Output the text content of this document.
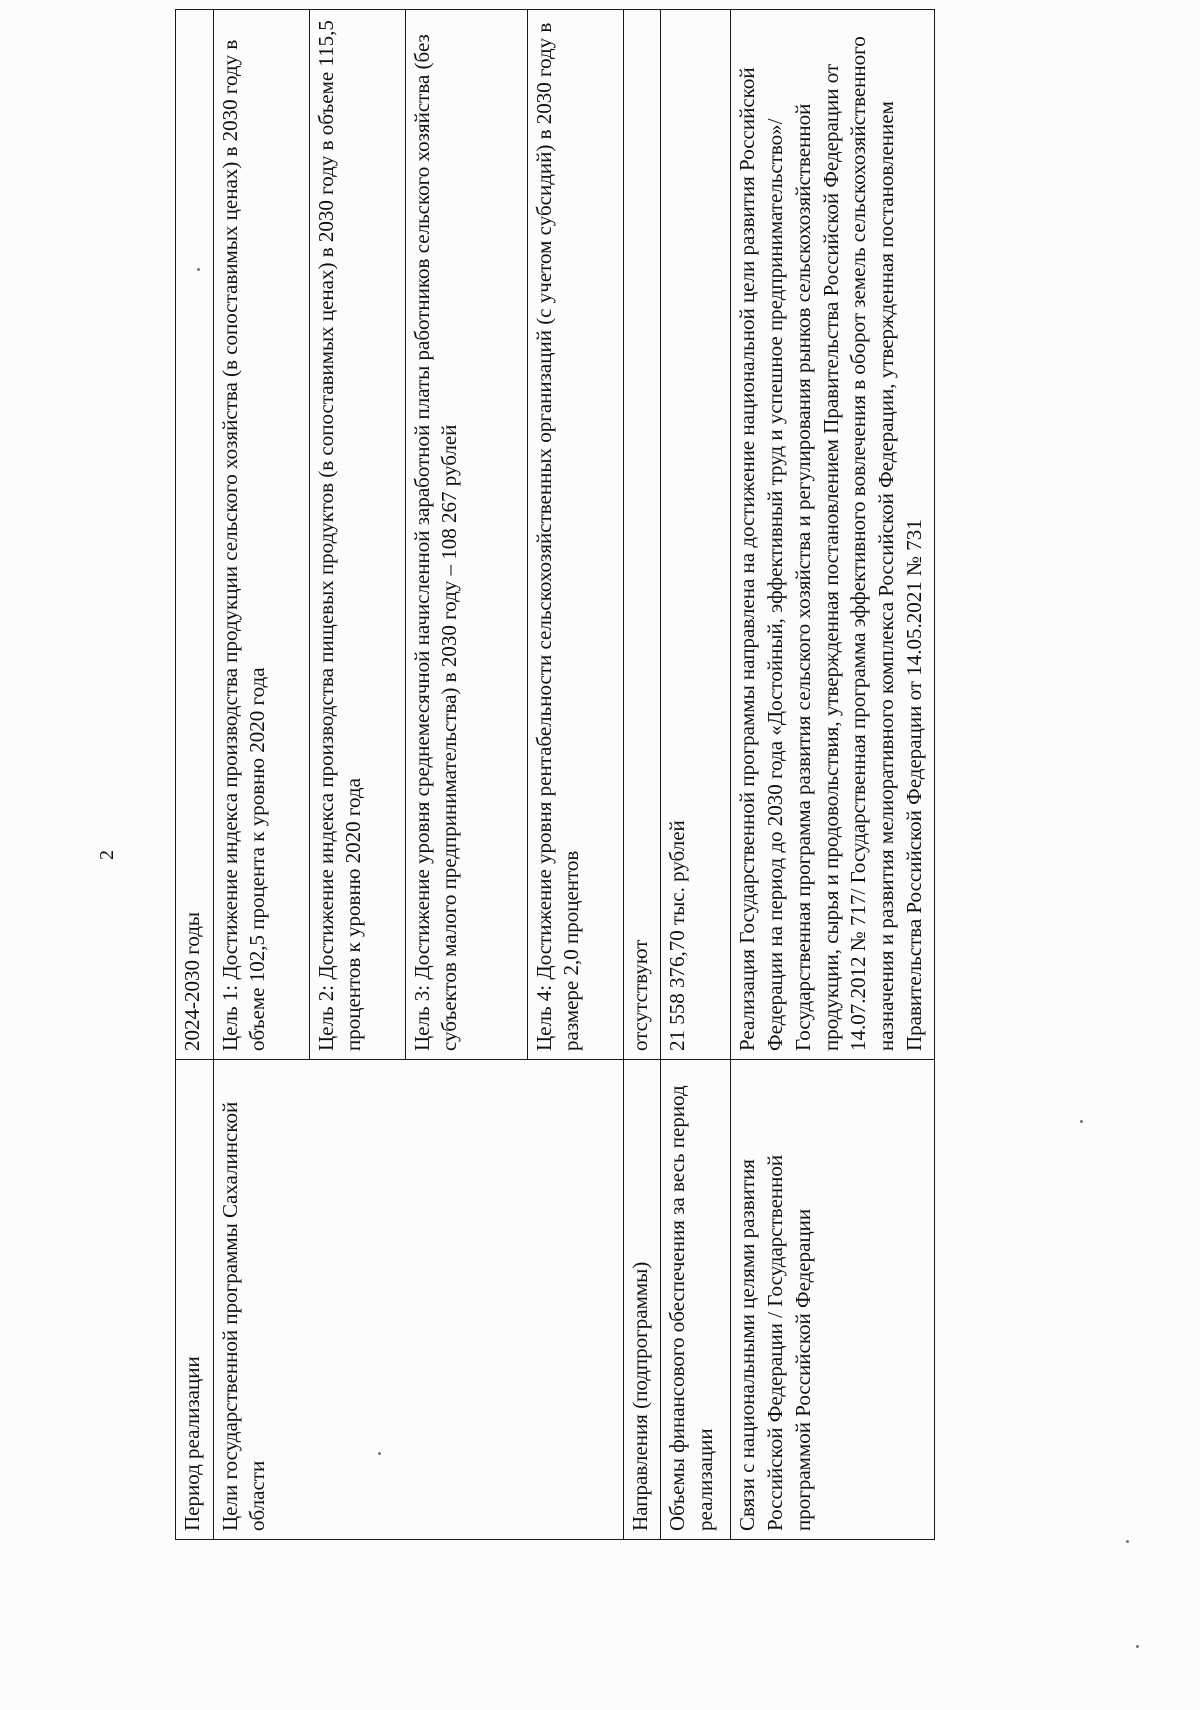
2
Период реализации	2024-2030 годы
Цели государственной программы Сахалинской области	Цель 1: Достижение индекса производства продукции сельского хозяйства (в сопоставимых ценах) в 2030 году в объеме 102,5 процента к уровню 2020 года
	Цель 2: Достижение индекса производства пищевых продуктов (в сопоставимых ценах) в 2030 году в объеме 115,5 процентов к уровню 2020 года
	Цель 3: Достижение уровня среднемесячной начисленной заработной платы работников сельского хозяйства (без субъектов малого предпринимательства) в 2030 году – 108 267 рублей
	Цель 4: Достижение уровня рентабельности сельскохозяйственных организаций (с учетом субсидий) в 2030 году в размере 2,0 процентов
Направления (подпрограммы)	отсутствуют
Объемы финансового обеспечения за весь период реализации	21 558 376,70 тыс. рублей
Связи с национальными целями развития Российской Федерации / Государственной программой Российской Федерации	Реализация Государственной программы направлена на достижение национальной цели развития Российской Федерации на период до 2030 года «Достойный, эффективный труд и успешное предпринимательство»/ Государственная программа развития сельского хозяйства и регулирования рынков сельскохозяйственной продукции, сырья и продовольствия, утвержденная постановлением Правительства Российской Федерации от 14.07.2012 № 717/ Государственная программа эффективного вовлечения в оборот земель сельскохозяйственного назначения и развития мелиоративного комплекса Российской Федерации, утвержденная постановлением Правительства Российской Федерации от 14.05.2021 № 731
